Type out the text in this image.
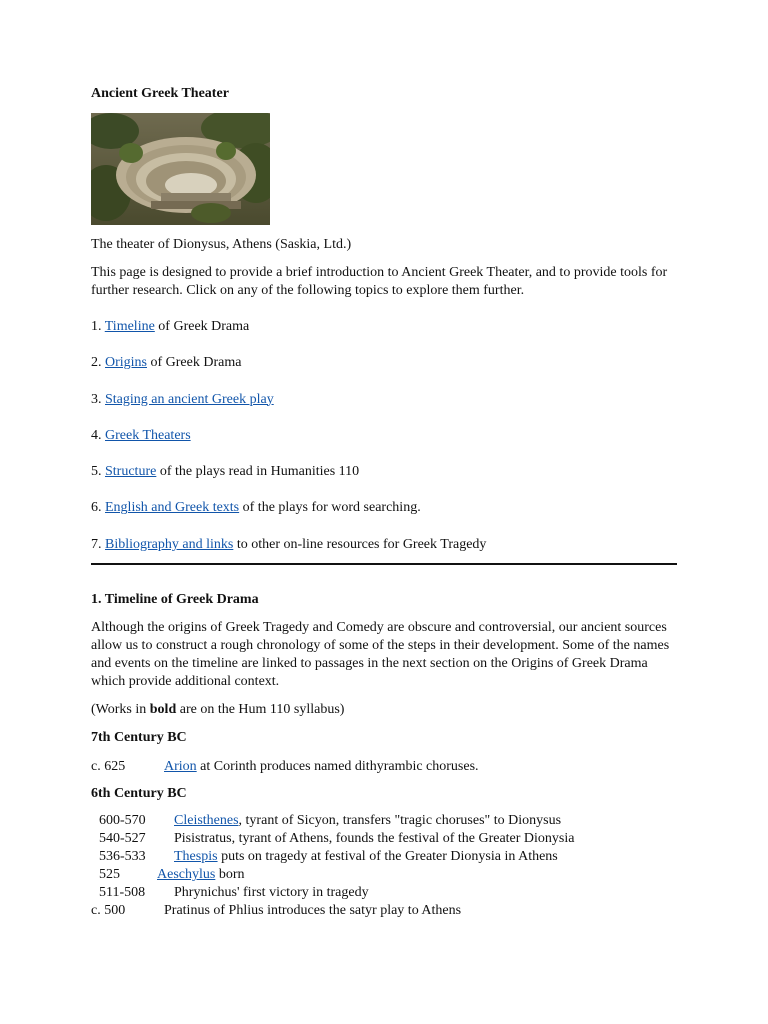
Ancient Greek Theater
The theater of Dionysus, Athens (Saskia, Ltd.)
This page is designed to provide a brief introduction to Ancient Greek Theater, and to provide tools for further research. Click on any of the following topics to explore them further.
1. Timeline of Greek Drama
2. Origins of Greek Drama
3. Staging an ancient Greek play
4. Greek Theaters
5. Structure of the plays read in Humanities 110
6. English and Greek texts of the plays for word searching.
7. Bibliography and links to other on-line resources for Greek Tragedy
1. Timeline of Greek Drama
Although the origins of Greek Tragedy and Comedy are obscure and controversial, our ancient sources allow us to construct a rough chronology of some of the steps in their development. Some of the names and events on the timeline are linked to passages in the next section on the Origins of Greek Drama which provide additional context.
(Works in bold are on the Hum 110 syllabus)
7th Century BC
c. 625	Arion at Corinth produces named dithyrambic choruses.
6th Century BC
600-570 Cleisthenes, tyrant of Sicyon, transfers "tragic choruses" to Dionysus
540-527 Pisistratus, tyrant of Athens, founds the festival of the Greater Dionysia
536-533 Thespis puts on tragedy at festival of the Greater Dionysia in Athens
525	Aeschylus born
511-508 Phrynichus' first victory in tragedy
c. 500	Pratinus of Phlius introduces the satyr play to Athens
